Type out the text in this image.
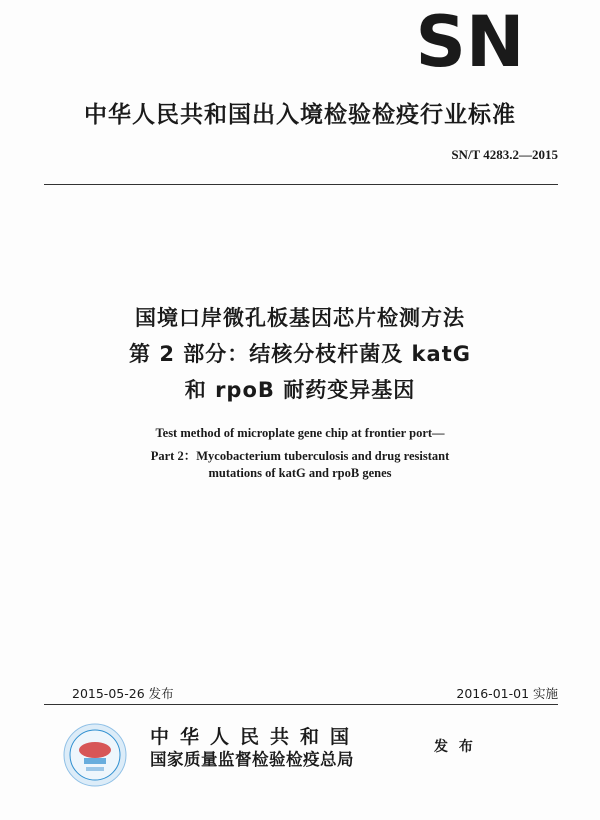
SN
中华人民共和国出入境检验检疫行业标准
SN/T 4283.2—2015
国境口岸微孔板基因芯片检测方法
第 2 部分：结核分枝杆菌及 katG
和 rpoB 耐药变异基因
Test method of microplate gene chip at frontier port—
Part 2：Mycobacterium tuberculosis and drug resistant
mutations of katG and rpoB genes
2015-05-26 发布	2016-01-01 实施
中华人民共和国
国家质量监督检验检疫总局
发 布
